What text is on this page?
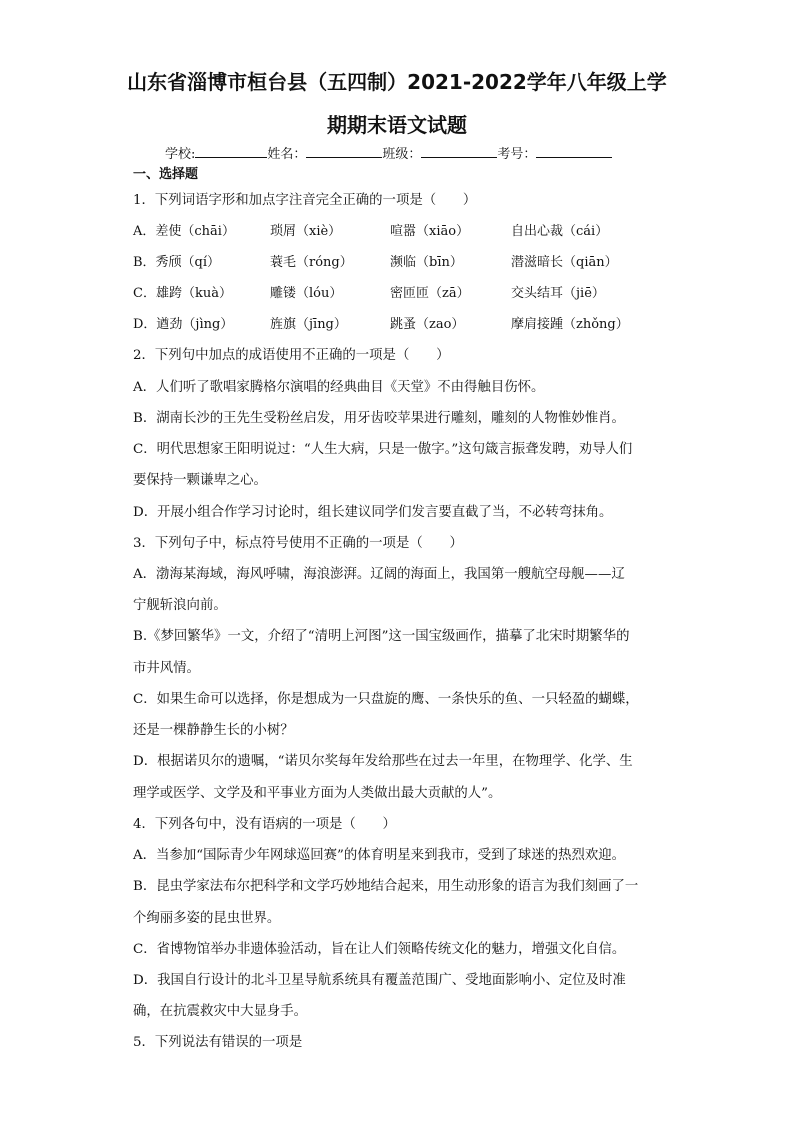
山东省淄博市桓台县（五四制）2021-2022学年八年级上学
期期末语文试题
学校:	姓名：	班级：	考号：
一、选择题
1．下列词语字形和加点字注音完全正确的一项是（　　）
A．差使（chāi）	琐屑（xiè）	喧嚣（xiāo）	自出心裁（cái）
B．秀颀（qí）	蓑毛（róng）	濒临（bīn）	潜滋暗长（qiān）
C．雄跨（kuà）	雕镂（lóu）	密匝匝（zā）	交头结耳（jiē）
D．遒劲（jìng）	旌旗（jīng）	跳蚤（zao）	摩肩接踵（zhǒng）
2．下列句中加点的成语使用不正确的一项是（　　）
A．人们听了歌唱家腾格尔演唱的经典曲目《天堂》不由得触目伤怀。
B．湖南长沙的王先生受粉丝启发，用牙齿咬苹果进行雕刻，雕刻的人物惟妙惟肖。
C．明代思想家王阳明说过：“人生大病，只是一傲字。”这句箴言振聋发聘，劝导人们
要保持一颗谦卑之心。
D．开展小组合作学习讨论时，组长建议同学们发言要直截了当，不必转弯抹角。
3．下列句子中，标点符号使用不正确的一项是（　　）
A．渤海某海域，海风呼啸，海浪澎湃。辽阔的海面上，我国第一艘航空母舰——辽
宁舰斩浪向前。
B.《梦回繁华》一文，介绍了“清明上河图”这一国宝级画作，描摹了北宋时期繁华的
市井风情。
C．如果生命可以选择，你是想成为一只盘旋的鹰、一条快乐的鱼、一只轻盈的蝴蝶，
还是一棵静静生长的小树？
D．根据诺贝尔的遗嘱，“诺贝尔奖每年发给那些在过去一年里，在物理学、化学、生
理学或医学、文学及和平事业方面为人类做出最大贡献的人”。
4．下列各句中，没有语病的一项是（　　）
A．当参加“国际青少年网球巡回赛”的体育明星来到我市，受到了球迷的热烈欢迎。
B．昆虫学家法布尔把科学和文学巧妙地结合起来，用生动形象的语言为我们刻画了一
个绚丽多姿的昆虫世界。
C．省博物馆举办非遗体验活动，旨在让人们领略传统文化的魅力，增强文化自信。
D．我国自行设计的北斗卫星导航系统具有覆盖范围广、受地面影响小、定位及时准
确，在抗震救灾中大显身手。
5．下列说法有错误的一项是
